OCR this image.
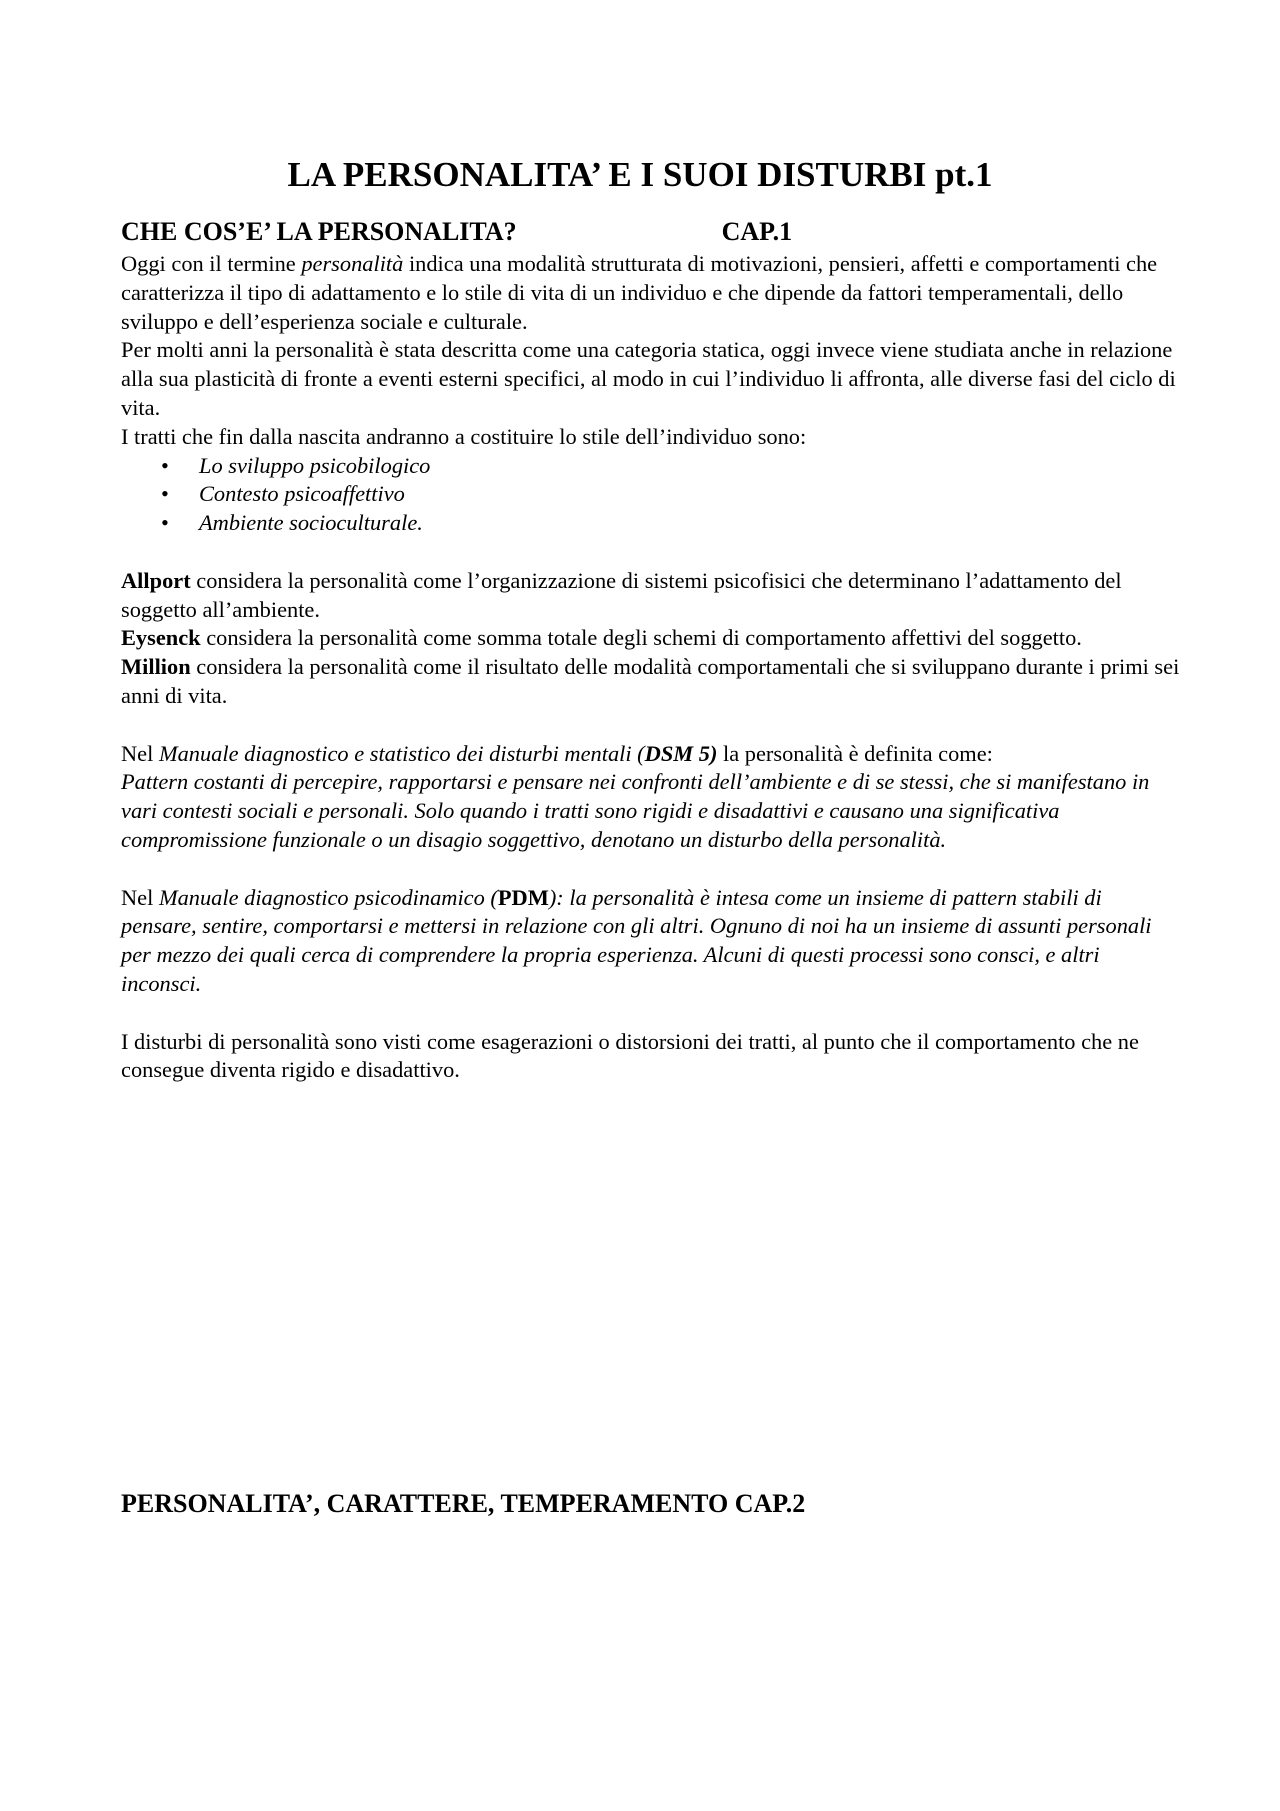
LA PERSONALITA’ E I SUOI DISTURBI pt.1
CHE COS’E’ LA PERSONALITA?	CAP.1

Oggi con il termine personalità indica una modalità strutturata di motivazioni, pensieri, affetti e comportamenti che caratterizza il tipo di adattamento e lo stile di vita di un individuo e che dipende da fattori temperamentali, dello sviluppo e dell’esperienza sociale e culturale.

Per molti anni la personalità è stata descritta come una categoria statica, oggi invece viene studiata anche in relazione alla sua plasticità di fronte a eventi esterni specifici, al modo in cui l’individuo li affronta, alle diverse fasi del ciclo di vita.

I tratti che fin dalla nascita andranno a costituire lo stile dell’individuo sono:

• Lo sviluppo psicobilogico
• Contesto psicoaffettivo
• Ambiente socioculturale.

Allport considera la personalità come l’organizzazione di sistemi psicofisici che determinano l’adattamento del soggetto all’ambiente.

Eysenck considera la personalità come somma totale degli schemi di comportamento affettivi del soggetto.

Million considera la personalità come il risultato delle modalità comportamentali che si sviluppano durante i primi sei anni di vita.

Nel Manuale diagnostico e statistico dei disturbi mentali (DSM 5) la personalità è definita come:

Pattern costanti di percepire, rapportarsi e pensare nei confronti dell’ambiente e di se stessi, che si manifestano in vari contesti sociali e personali. Solo quando i tratti sono rigidi e disadattivi e causano una significativa compromissione funzionale o un disagio soggettivo, denotano un disturbo della personalità.

Nel Manuale diagnostico psicodinamico (PDM): la personalità è intesa come un insieme di pattern stabili di pensare, sentire, comportarsi e mettersi in relazione con gli altri. Ognuno di noi ha un insieme di assunti personali per mezzo dei quali cerca di comprendere la propria esperienza. Alcuni di questi processi sono consci, e altri inconsci.

I disturbi di personalità sono visti come esagerazioni o distorsioni dei tratti, al punto che il comportamento che ne consegue diventa rigido e disadattivo.

PERSONALITA’, CARATTERE, TEMPERAMENTO CAP.2
